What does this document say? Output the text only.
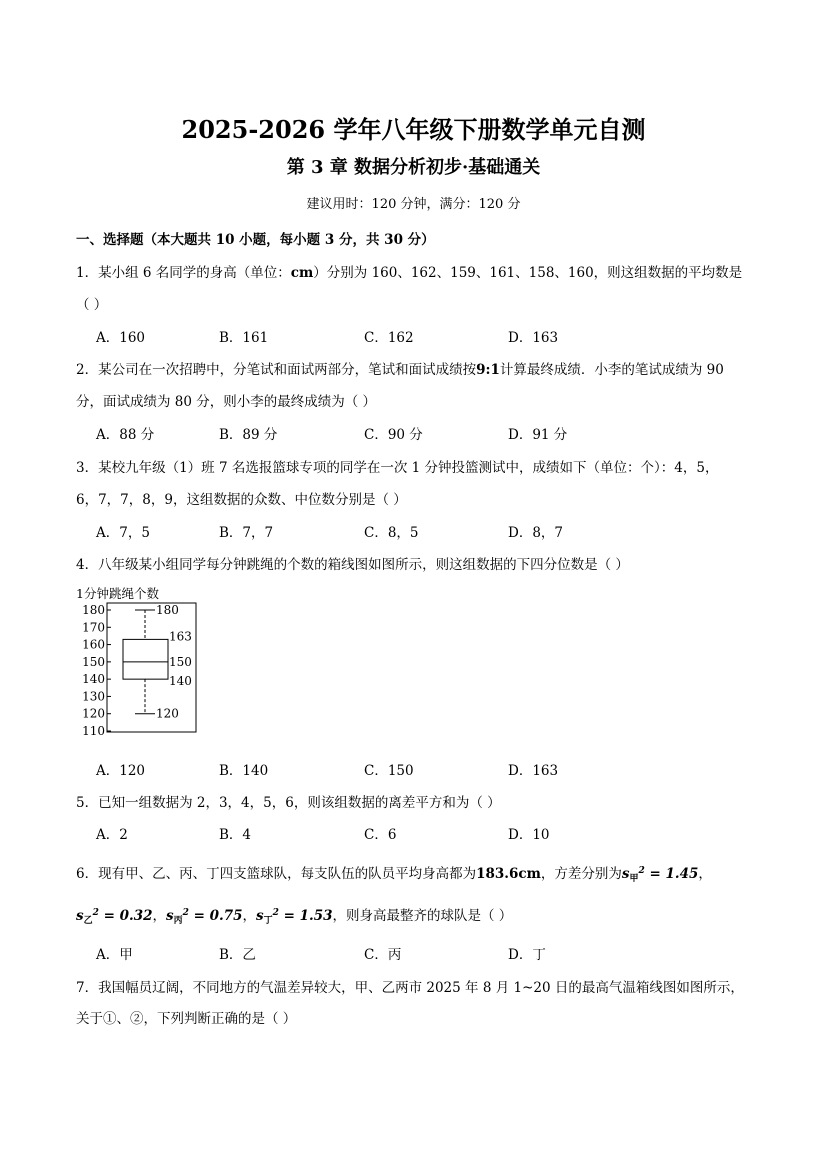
2025-2026 学年八年级下册数学单元自测
第 3 章 数据分析初步·基础通关
建议用时：120 分钟，满分：120 分
一、选择题（本大题共 10 小题，每小题 3 分，共 30 分）
1．某小组 6 名同学的身高（单位：cm）分别为 160、162、159、161、158、160，则这组数据的平均数是
（ ）
A．160	B．161	C．162	D．163
2．某公司在一次招聘中，分笔试和面试两部分，笔试和面试成绩按9:1计算最终成绩．小李的笔试成绩为 90
分，面试成绩为 80 分，则小李的最终成绩为（ ）
A．88 分	B．89 分	C．90 分	D．91 分
3．某校九年级（1）班 7 名选报篮球专项的同学在一次 1 分钟投篮测试中，成绩如下（单位：个）：4，5，
6，7，7，8，9，这组数据的众数、中位数分别是（ ）
A．7，5	B．7，7	C．8，5	D．8，7
4．八年级某小组同学每分钟跳绳的个数的箱线图如图所示，则这组数据的下四分位数是（ ）
1分钟跳绳个数
180
170
160
150
140
130
120
110
180
163
150
140
120
A．120	B．140	C．150	D．163
5．已知一组数据为 2，3，4，5，6，则该组数据的离差平方和为（ ）
A．2	B．4	C．6	D．10
6．现有甲、乙、丙、丁四支篮球队，每支队伍的队员平均身高都为183.6cm，方差分别为$s_甲^2 = 1.45$，
$s_乙^2 = 0.32$，$s_丙^2 = 0.75$，$s_丁^2 = 1.53$，则身高最整齐的球队是（ ）
A．甲	B．乙	C．丙	D．丁
7．我国幅员辽阔，不同地方的气温差异较大，甲、乙两市 2025 年 8 月 1~20 日的最高气温箱线图如图所示，
关于①、②，下列判断正确的是（ ）
